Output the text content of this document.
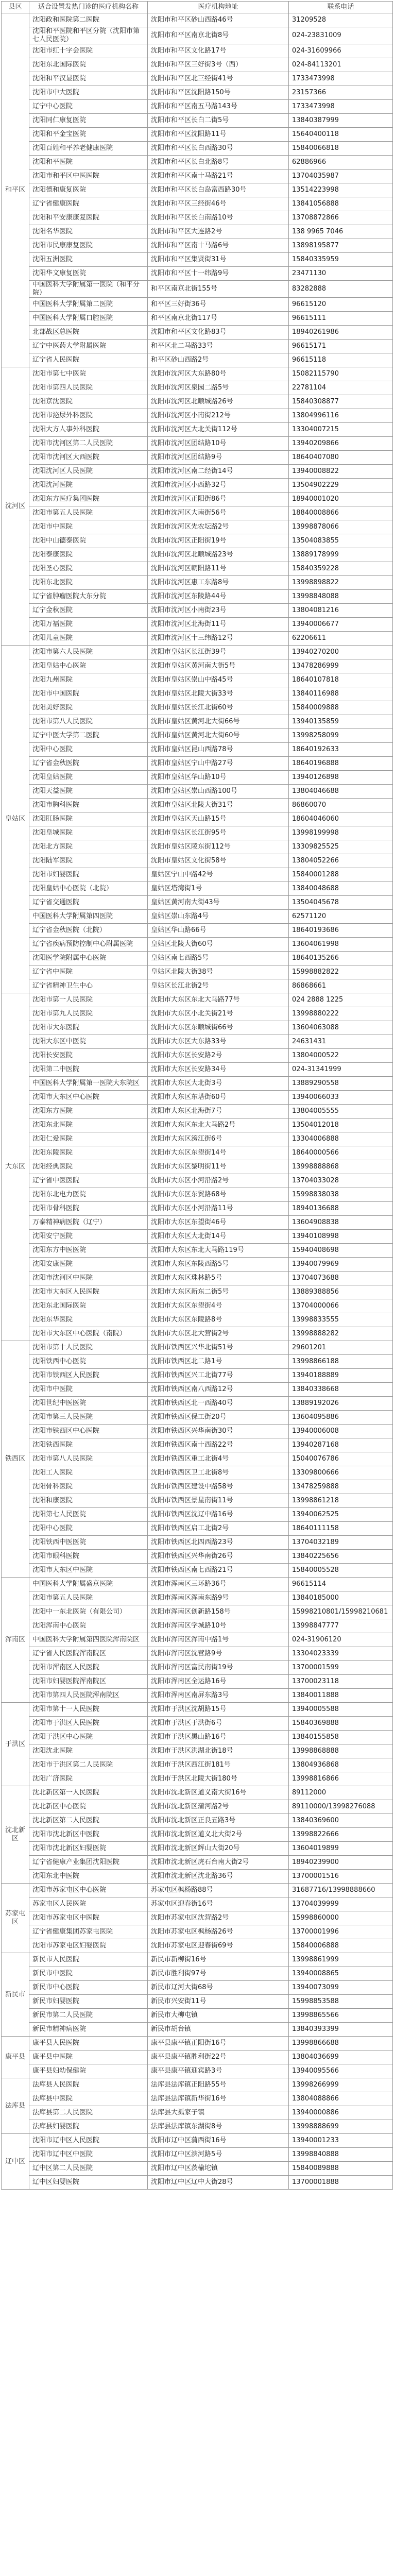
县区	适合设置发热门诊的医疗机构名称	医疗机构地址	联系电话
和平区	沈阳政和医院第二医院	沈阳市和平区砂山西路46号	31209528
	沈阳和平医院和平区分院（沈阳市第七人民医院）	沈阳市和平区南京北街8号	024-23831009
	沈阳市红十字会医院	沈阳市和平区文化路17号	024-31609966
	沈阳东北国际医院	沈阳市和平区三好街3号（西）	024-84113201
	沈阳和平汉显医院	沈阳市和平区北三经街41号	1733473998
	沈阳市中大医院	沈阳市和平区沈阳路150号	23157366
	辽宁中心医院	沈阳市和平区南五马路143号	1733473998
	沈阳同仁康复医院	沈阳市和平区长白二街5号	13840387999
	沈阳和平金宝医院	沈阳市和平区沈阳路11号	15640400118
	沈阳百姓和平养老健康医院	沈阳市和平区长白西路30号	15840066818
	沈阳和平医院	沈阳市和平区长白北路8号	62886966
	沈阳市和平区中医医院	沈阳市和平区南十马路21号	13704035987
	沈阳德和康复医院	沈阳市和平区长白岛富西路30号	13514223998
	辽宁省健康医院	沈阳市和平区三经街46号	13841056888
	沈阳和平安康康复医院	沈阳市和平区长白南路10号	13708872866
	沈阳名华医院	沈阳市和平区大连路2号	138 9965 7046
	沈阳市民康康复医院	沈阳市和平区南十马路6号	13898195877
	沈阳五洲医院	沈阳市和平区集贤街31号	15840335959
	沈阳华文康复医院	沈阳市和平区十一纬路9号	23471130
	中国医科大学附属第一医院（和平分院）	和平区南京北街155号	83282888
	中国医科大学附属第二医院	和平区三好街36号	96615120
	中国医科大学附属口腔医院	和平区南京北街117号	96615111
	北部战区总医院	沈阳市和平区文化路83号	18940261986
	辽宁中医药大学附属医院	和平区北二马路33号	96615171
	辽宁省人民医院	和平区砂山西路2号	96615118
沈河区	沈阳市第七中医院	沈阳市沈河区大东路80号	15082115790
	沈阳市第四人民医院	沈阳市沈河区泉园二路5号	22781104
	沈阳京沈医院	沈阳市沈河区北顺城路26号	15840308877
	沈阳市泌尿外科医院	沈阳市沈河区小南街212号	13804996116
	沈阳大方人事外科医院	沈阳市沈河区大北关街112号	13304007215
	沈阳市沈河区第二人民医院	沈阳市沈河区团结路10号	13940209866
	沈阳市沈河区大西医院	沈阳市沈河区团结路9号	18640407080
	沈阳沈河区人民医院	沈阳市沈河区南二经街14号	13940008822
	沈阳沈河医院	沈阳市沈河区小西路32号	13504902229
	沈阳东方医疗集团医院	沈阳市沈河区正阳街86号	18940001020
	沈阳市第五人民医院	沈阳市沈河区大南街56号	18840008866
	沈阳市中医院	沈阳市沈河区先农坛路2号	13998878066
	沈阳中山德泰医院	沈阳市沈河区正阳街19号	13504083855
	沈阳泰康医院	沈阳市沈河区北顺城路23号	13889178999
	沈阳圣心医院	沈阳市沈河区朝阳路11号	15840359228
	沈阳东北医院	沈阳市沈河区惠工东路8号	13998898822
	辽宁省肿瘤医院大东分院	沈阳市沈河区东陵路44号	13998848088
	辽宁金秋医院	沈阳市沈河区小南街23号	13804081216
	沈阳万福医院	沈阳市沈河区北海街11号	13940006677
	沈阳儿童医院	沈阳市沈河区十三纬路12号	62206611
皇姑区	沈阳市第六人民医院	沈阳市皇姑区长江街39号	13940270200
	沈阳皇姑中心医院	沈阳市皇姑区黄河南大街5号	13478286999
	沈阳九州医院	沈阳市皇姑区崇山中路45号	18640107818
	沈阳市中国医院	沈阳市皇姑区北陵大街33号	13840116988
	沈阳美好医院	沈阳市皇姑区长江北街60号	15840009888
	沈阳市第八人民医院	沈阳市皇姑区黄河北大街66号	13940135859
	辽宁中医大学第二医院	沈阳市皇姑区黄河北大街60号	13998258099
	沈阳中心医院	沈阳市皇姑区昆山西路78号	18640192633
	辽宁省金秋医院	沈阳市皇姑区宁山中路27号	18640196888
	沈阳皇姑医院	沈阳市皇姑区华山路10号	13940126898
	沈阳天益医院	沈阳市皇姑区崇山西路100号	13804046688
	沈阳市胸科医院	沈阳市皇姑区北陵大街31号	86860070
	沈阳肛肠医院	沈阳市皇姑区天山路15号	18604046060
	沈阳皇城医院	沈阳市皇姑区长江街95号	13998199998
	沈阳北方医院	沈阳市皇姑区陵东街112号	13309825525
	沈阳陆军医院	沈阳市皇姑区文化街58号	13804052266
	沈阳市妇婴医院	皇姑区宁山中路42号	15840001288
	沈阳皇姑中心医院（北院）	皇姑区塔湾街1号	13840048688
	辽宁省交通医院	皇姑区黄河南大街43号	13504045678
	中国医科大学附属第四医院	皇姑区崇山东路4号	62571120
	辽宁省金秋医院（北院）	皇姑区华山路66号	18640193686
	辽宁省疾病预防控制中心附属医院	皇姑区北陵大街60号	13604061998
	沈阳医学院附属中心医院	皇姑区南七西路5号	18640135266
	辽宁省中医院	皇姑区北陵大街38号	15998882822
	辽宁省精神卫生中心	皇姑区长江北街2号	86868661
大东区	沈阳市第一人民医院	沈阳市大东区东北大马路77号	024 2888 1225
	沈阳市第九人民医院	沈阳市大东区小北关街21号	13998880222
	沈阳市大东医院	沈阳市大东区东顺城街66号	13604063088
	沈阳大东区中医院	沈阳市大东区大东路33号	24631431
	沈阳长安医院	沈阳市大东区长安路2号	13804000522
	沈阳第二中医院	沈阳市大东区长安路34号	024-31341999
	中国医科大学附属第一医院大东院区	沈阳市大东区大北街3号	13889290558
	沈阳市大东区中心医院	沈阳市大东区东塔街60号	13940066033
	沈阳东方医院	沈阳市大东区北海街7号	13804005555
	沈阳东北医院	沈阳市大东区东北大马路2号	13504012018
	沈阳仁爱医院	沈阳市大东区滂江街6号	13304006888
	沈阳东陵医院	沈阳市大东区东望街14号	18640000566
	沈阳经典医院	沈阳市大东区黎明街11号	13998888868
	辽宁省中医医院	沈阳市大东区小河沿路2号	13704033028
	沈阳东北电力医院	沈阳市大东区东贸路68号	15998838038
	沈阳市骨科医院	沈阳市大东区小河沿路11号	18940136688
	万泰精神病医院（辽宁）	沈阳市大东区东望街46号	13604908838
	沈阳安宁医院	沈阳市大东区大北街14号	13940108998
	沈阳东方中医医院	沈阳市大东区东北大马路119号	15940408698
	沈阳安康医院	沈阳市大东区东陵西路5号	13940079969
	沈阳市沈河区中医院	沈阳市大东区珠林路5号	13704073688
	沈阳市大东区人民医院	沈阳市大东区新东二街5号	13889388856
	沈阳东北国际医院	沈阳市大东区东望街4号	13704000066
	沈阳东华医院	沈阳市大东区东陵路8号	13998833555
	沈阳市大东区中心医院（南院）	沈阳市大东区北大营街2号	13998888282
铁西区	沈阳市第十人民医院	沈阳市铁西区兴华北街51号	29601201
	沈阳铁西中心医院	沈阳市铁西区北二路1号	13998866188
	沈阳市铁西区人民医院	沈阳市铁西区兴工北街77号	13940188889
	沈阳市中医院	沈阳市铁西区南八西路12号	13840338668
	沈阳世纪中医医院	沈阳市铁西区北一西路40号	13889192026
	沈阳市第三人民医院	沈阳市铁西区保工街20号	13604095886
	沈阳市铁西区中心医院	沈阳市铁西区兴华南街30号	13940006008
	沈阳铁西医院	沈阳市铁西区南十西路22号	13940287168
	沈阳市第八人民医院	沈阳市铁西区重工北街4号	15040076786
	沈阳工人医院	沈阳市铁西区卫工北街8号	13309800666
	沈阳骨科医院	沈阳市铁西区建设中路58号	13478259888
	沈阳和康医院	沈阳市铁西区景星南街11号	13998861218
	沈阳第七人民医院	沈阳市铁西区沈辽中路16号	13940062525
	沈阳中心医院	沈阳市铁西区启工北街2号	18640111158
	沈阳铁西中医医院	沈阳市铁西区北四西路23号	13704032189
	沈阳市眼科医院	沈阳市铁西区兴华南街26号	13840225656
	沈阳市大东区中医院	沈阳市铁西区南七西路21号	15840005528
浑南区	中国医科大学附属盛京医院	沈阳市浑南区三环路36号	96615114
	沈阳市第五人民医院	沈阳市浑南区浑南东路9号	13840185000
	沈阳中一东北医院（有限公司）	沈阳市浑南区创新路158号	15998210801/15998210681
	沈阳浑南中心医院	沈阳市浑南区学城路10号	13998847777
	中国医科大学附属第四医院浑南院区	沈阳市浑南区浑南中路1号	024-31906120
	辽宁省人民医院浑南院区	沈阳市浑南区沈营路9号	13304023339
	沈阳市浑南区人民医院	沈阳市浑南区富民南街19号	13700001599
	沈阳市妇婴医院浑南院区	沈阳市浑南区全运路16号	13700023118
	沈阳市第四人民医院浑南院区	沈阳市浑南区南屏东路3号	13840011888
于洪区	沈阳市第十一人民医院	沈阳市于洪区沈胡路15号	13940005588
	沈阳市于洪区人民医院	沈阳市于洪区于洪街6号	15840369888
	沈阳于洪区中心医院	沈阳市于洪区黑山路16号	13840155858
	沈阳沈北医院	沈阳市于洪区洪湖北街18号	13998868888
	沈阳市于洪区第二人民医院	沈阳市于洪区西江街181号	13804936868
	沈阳广济医院	沈阳市于洪区北陵大街180号	13998816866
沈北新区	沈北新区第一人民医院	沈阳市沈北新区道义南大街16号	89112000
	沈北新区中心医院	沈阳市沈北新区蒲河路2号	89110000/13998276088
	沈北新区第二人民医院	沈阳市沈北新区正良五路3号	13840369600
	沈阳市沈北新区中医院	沈阳市沈北新区道义北大街2号	13998822666
	沈阳市沈北新区妇婴医院	沈阳市沈北新区辉山大街20号	13604019899
	辽宁省健康产业集团沈阳医院	沈阳市沈北新区虎石台南大街2号	18940239900
	沈阳东北中医院	沈阳市沈北新区沈北路36号	13700001516
苏家屯区	沈阳市苏家屯区中心医院	苏家屯区枫杨路88号	31687716/13998888660
	苏家屯区人民医院	苏家屯区迎春街16号	13704039999
	沈阳市苏家屯区中医院	沈阳市苏家屯区沈营路2号	15998860000
	辽宁省健康集团苏家屯医院	沈阳市苏家屯区枫杨路26号	13700001996
	沈阳市苏家屯区妇婴医院	沈阳市苏家屯区迎春街69号	15840006888
新民市	新民市人民医院	新民市新柳街16号	13998861999
	新民市中医院	新民市胜利街97号	13940008865
	新民市中心医院	新民市辽河大街68号	13940073099
	新民市妇婴医院	新民市兴安街11号	15998853588
	新民市第二人民医院	新民市大柳屯镇	13998865566
	新民市精神病医院	新民市胡台镇	13840393399
康平县	康平县人民医院	康平县康平镇正阳街16号	13998866688
	康平县中医院	康平县康平镇胜利街22号	13804036699
	康平县妇幼保健院	康平县康平镇迎宾路3号	13940095566
法库县	法库县人民医院	法库县法库镇正阳路55号	13998266999
	法库县中医院	法库县法库镇新华街16号	13804088866
	法库县第二人民医院	法库县大孤家子镇	13940000886
	法库县妇婴医院	法库县法库镇东湖街8号	13998888699
辽中区	沈阳市辽中区人民医院	沈阳市辽中区蒲西街16号	13940001233
	沈阳市辽中区中医院	沈阳市辽中区滨河路5号	13998840888
	辽中区第二人民医院	沈阳市辽中区茨榆坨镇	15840089888
	辽中区妇婴医院	沈阳市辽中区辽中大街28号	13700001888
